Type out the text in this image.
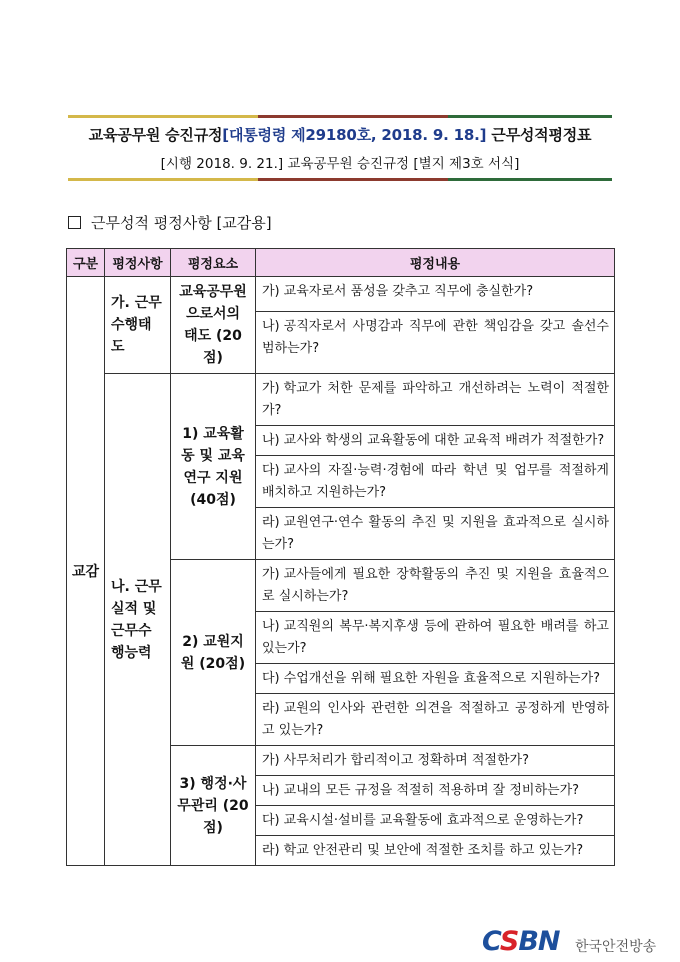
교육공무원 승진규정[대통령령 제29180호, 2018. 9. 18.] 근무성적평정표
[시행 2018. 9. 21.] 교육공무원 승진규정 [별지 제3호 서식]
근무성적 평정사항 [교감용]
구분	평정사항	평정요소	평정내용
교감	가. 근무수행태도	교육공무원으로서의 태도 (20점)	가) 교육자로서 품성을 갖추고 직무에 충실한가?
			나) 공직자로서 사명감과 직무에 관한 책임감을 갖고 솔선수범하는가?
	나. 근무실적 및 근무수행능력	1) 교육활동 및 교육연구 지원 (40점)	가) 학교가 처한 문제를 파악하고 개선하려는 노력이 적절한가?
			나) 교사와 학생의 교육활동에 대한 교육적 배려가 적절한가?
			다) 교사의 자질·능력·경험에 따라 학년 및 업무를 적절하게 배치하고 지원하는가?
			라) 교원연구·연수 활동의 추진 및 지원을 효과적으로 실시하는가?
		2) 교원지원 (20점)	가) 교사들에게 필요한 장학활동의 추진 및 지원을 효율적으로 실시하는가?
			나) 교직원의 복무·복지후생 등에 관하여 필요한 배려를 하고 있는가?
			다) 수업개선을 위해 필요한 자원을 효율적으로 지원하는가?
			라) 교원의 인사와 관련한 의견을 적절하고 공정하게 반영하고 있는가?
		3) 행정·사무관리 (20점)	가) 사무처리가 합리적이고 정확하며 적절한가?
			나) 교내의 모든 규정을 적절히 적용하며 잘 정비하는가?
			다) 교육시설·설비를 교육활동에 효과적으로 운영하는가?
			라) 학교 안전관리 및 보안에 적절한 조치를 하고 있는가?
CSBN 한국안전방송
